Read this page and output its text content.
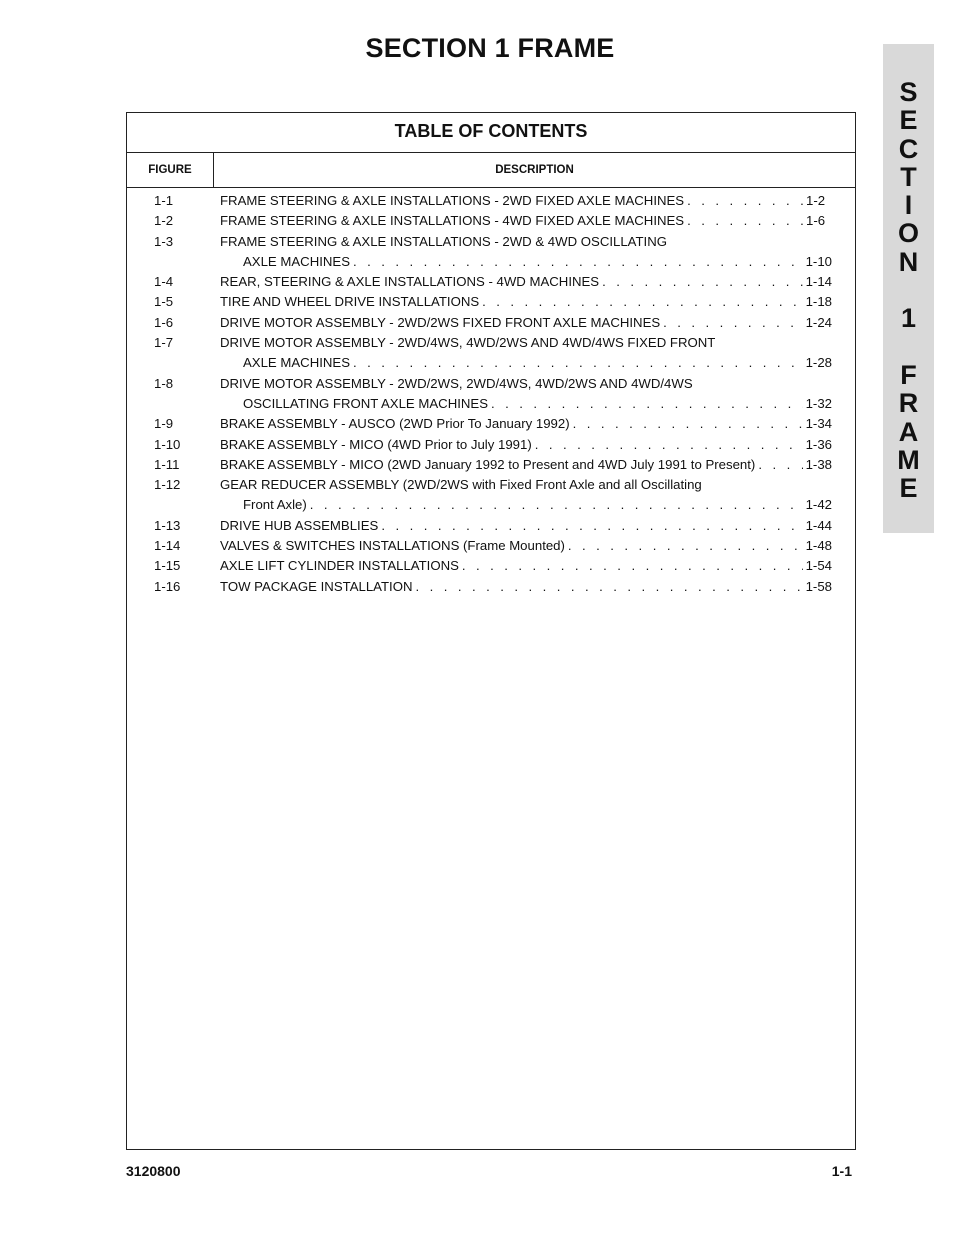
SECTION 1 FRAME
S
E
C
T
I
O
N

1

F
R
A
M
E
TABLE OF CONTENTS
FIGURE	DESCRIPTION
1-1	FRAME STEERING & AXLE INSTALLATIONS - 2WD FIXED AXLE MACHINES . . .	1-2
1-2	FRAME STEERING & AXLE INSTALLATIONS - 4WD FIXED AXLE MACHINES . . .	1-6
1-3	FRAME STEERING & AXLE INSTALLATIONS - 2WD & 4WD OSCILLATING
AXLE MACHINES . . .	1-10
1-4	REAR, STEERING & AXLE INSTALLATIONS - 4WD MACHINES . . .	1-14
1-5	TIRE AND WHEEL DRIVE INSTALLATIONS . . .	1-18
1-6	DRIVE MOTOR ASSEMBLY - 2WD/2WS FIXED FRONT AXLE MACHINES . . .	1-24
1-7	DRIVE MOTOR ASSEMBLY - 2WD/4WS, 4WD/2WS AND 4WD/4WS FIXED FRONT
AXLE MACHINES . . .	1-28
1-8	DRIVE MOTOR ASSEMBLY - 2WD/2WS, 2WD/4WS, 4WD/2WS AND 4WD/4WS
OSCILLATING FRONT AXLE MACHINES . . .	1-32
1-9	BRAKE ASSEMBLY - AUSCO (2WD Prior To January 1992) . . .	1-34
1-10	BRAKE ASSEMBLY - MICO (4WD Prior to July 1991) . . .	1-36
1-11	BRAKE ASSEMBLY - MICO (2WD January 1992 to Present and 4WD July 1991 to Present) . . .	1-38
1-12	GEAR REDUCER ASSEMBLY (2WD/2WS with Fixed Front Axle and all Oscillating
Front Axle) . . .	1-42
1-13	DRIVE HUB ASSEMBLIES . . .	1-44
1-14	VALVES & SWITCHES INSTALLATIONS (Frame Mounted) . . .	1-48
1-15	AXLE LIFT CYLINDER INSTALLATIONS . . .	1-54
1-16	TOW PACKAGE INSTALLATION . . .	1-58
3120800	1-1
